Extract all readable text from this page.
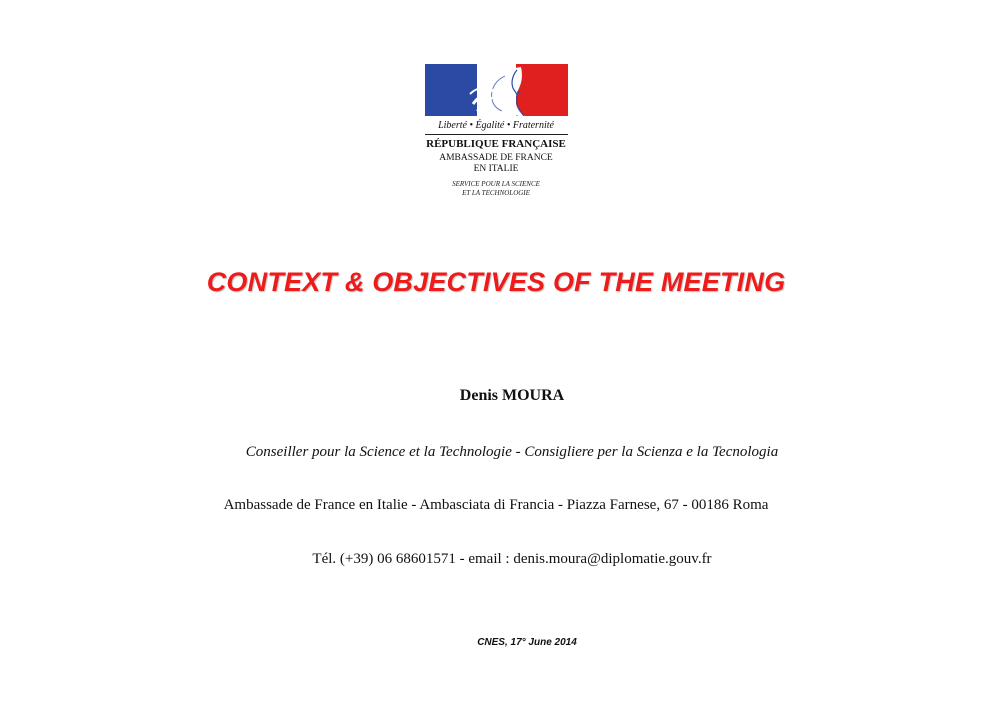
Liberté • Égalité • Fraternité
RÉPUBLIQUE FRANÇAISE
AMBASSADE DE FRANCE
EN ITALIE
SERVICE POUR LA SCIENCE
ET LA TECHNOLOGIE
CONTEXT & OBJECTIVES OF THE MEETING
Denis MOURA
Conseiller pour la Science et la Technologie - Consigliere per la Scienza e la Tecnologia
Ambassade de France en Italie - Ambasciata di Francia - Piazza Farnese, 67 - 00186 Roma
Tél. (+39) 06 68601571 - email : denis.moura@diplomatie.gouv.fr
CNES, 17° June 2014
